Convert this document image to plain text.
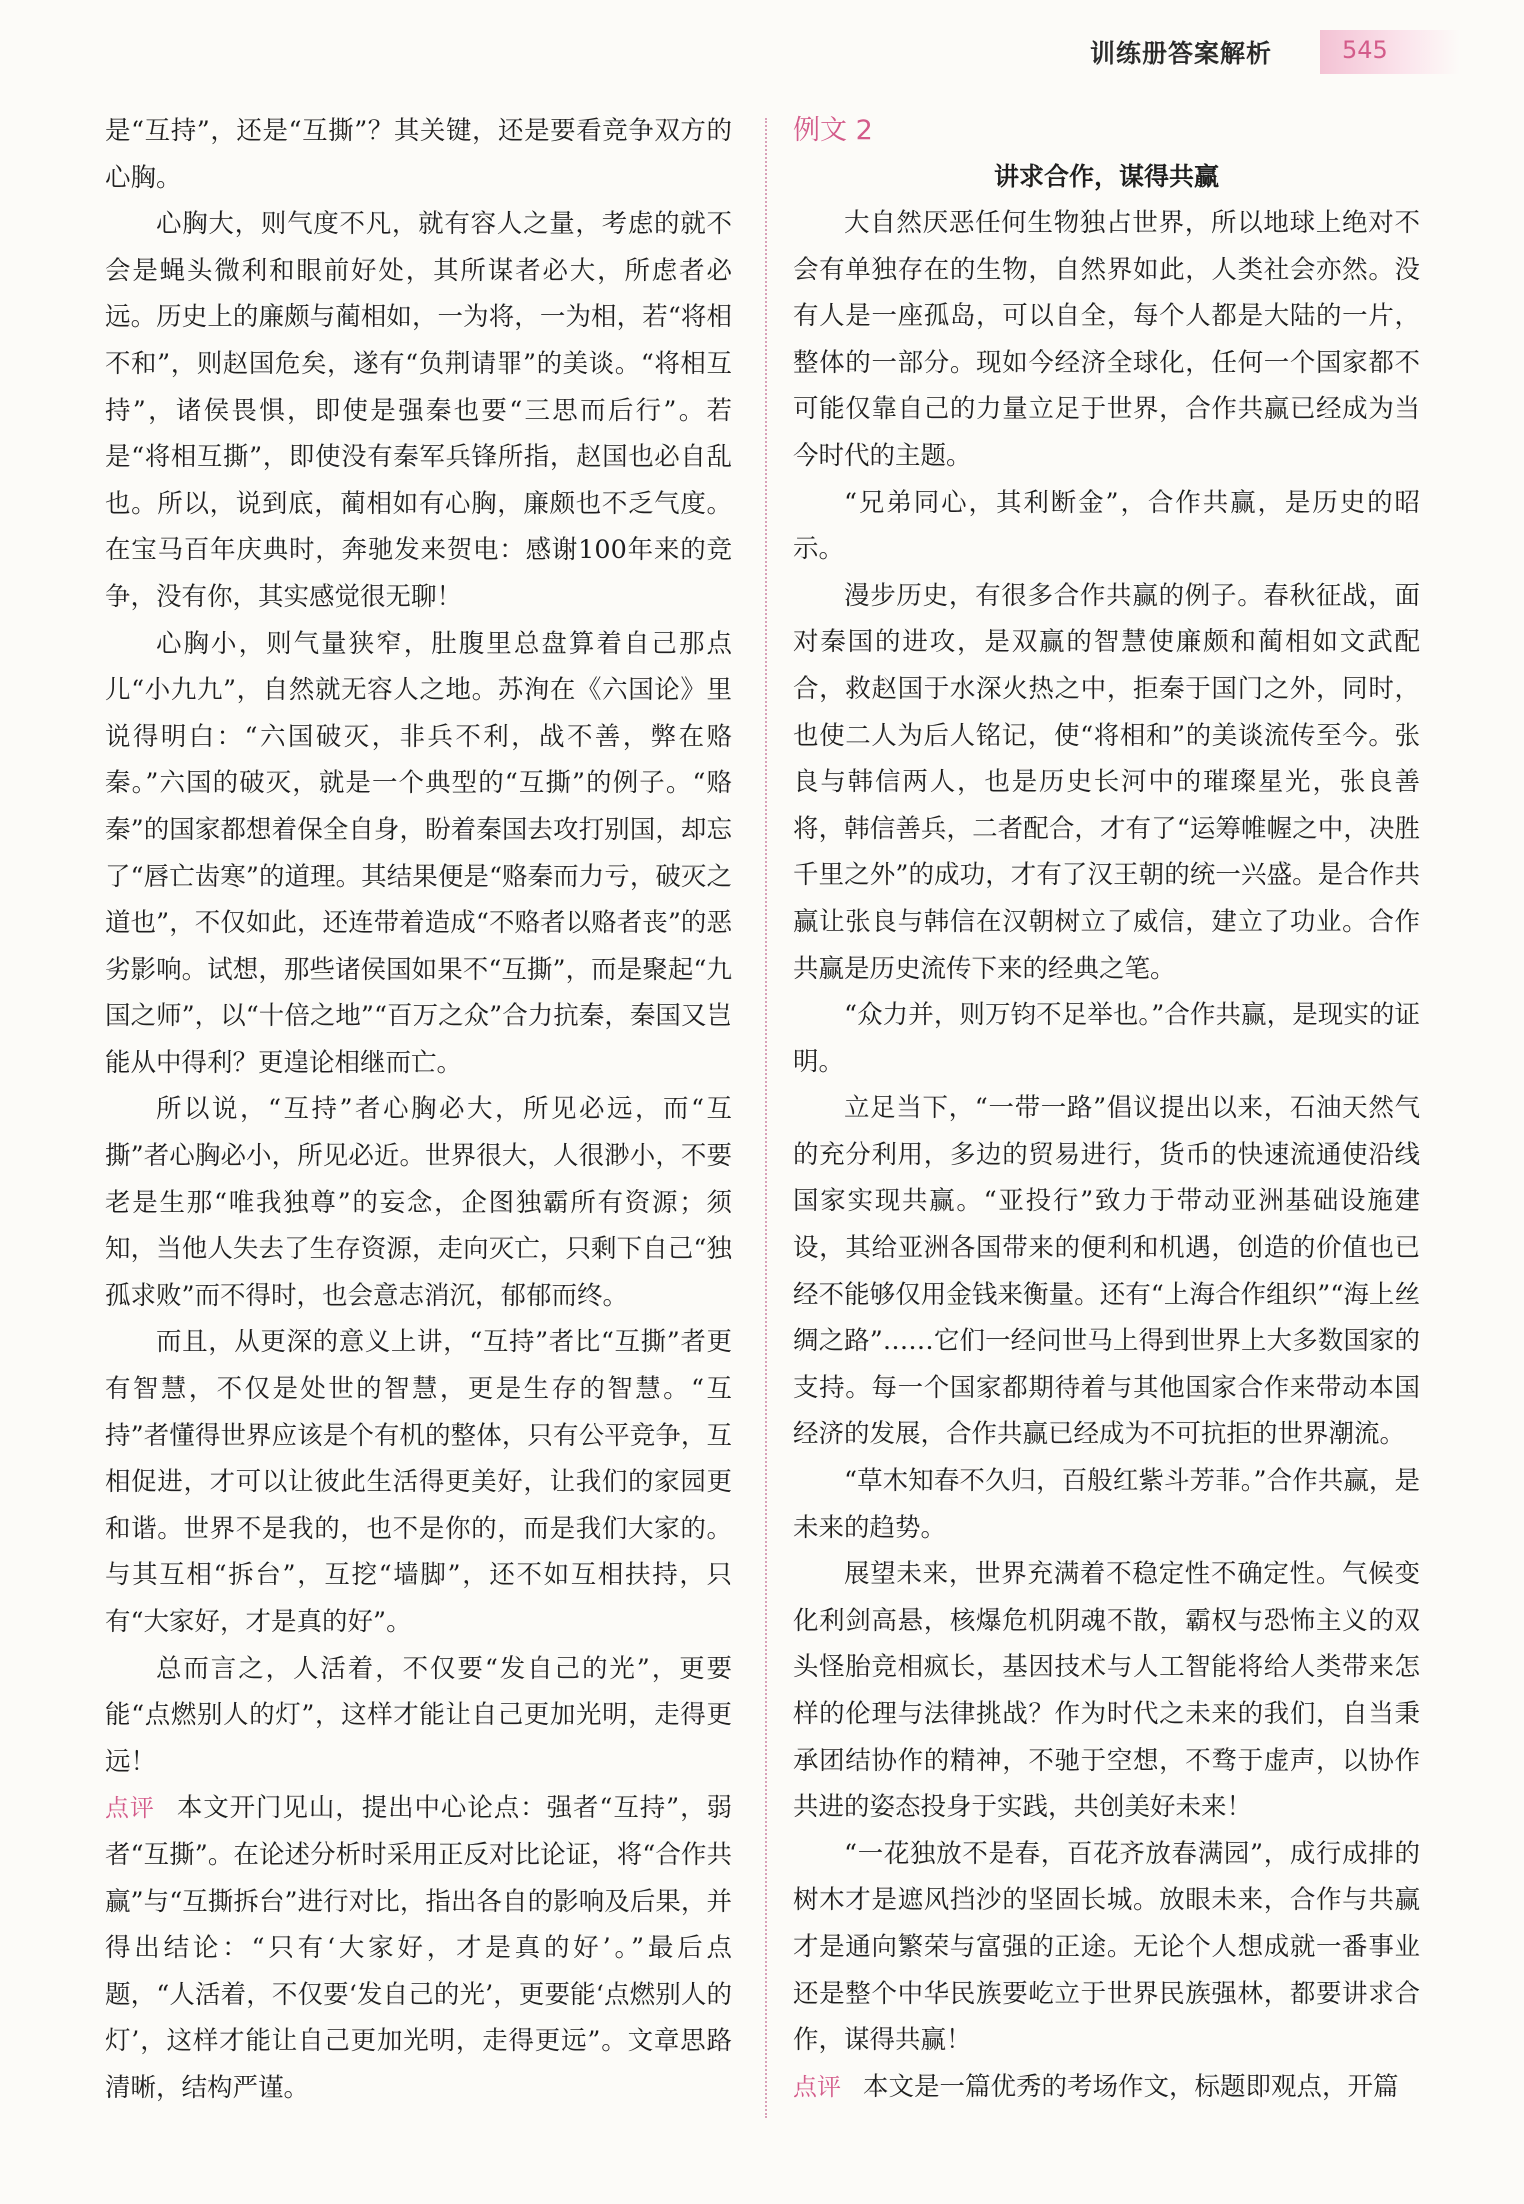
训练册答案解析	545

是“互持”，还是“互撕”？其关键，还是要看竞争双方的心胸。

心胸大，则气度不凡，就有容人之量，考虑的就不会是蝇头微利和眼前好处，其所谋者必大，所虑者必远。历史上的廉颇与蔺相如，一为将，一为相，若“将相不和”，则赵国危矣，遂有“负荆请罪”的美谈。“将相互持”，诸侯畏惧，即使是强秦也要“三思而后行”。若是“将相互撕”，即使没有秦军兵锋所指，赵国也必自乱也。所以，说到底，蔺相如有心胸，廉颇也不乏气度。在宝马百年庆典时，奔驰发来贺电：感谢100年来的竞争，没有你，其实感觉很无聊！

心胸小，则气量狭窄，肚腹里总盘算着自己那点儿“小九九”，自然就无容人之地。苏洵在《六国论》里说得明白：“六国破灭，非兵不利，战不善，弊在赂秦。”六国的破灭，就是一个典型的“互撕”的例子。“赂秦”的国家都想着保全自身，盼着秦国去攻打别国，却忘了“唇亡齿寒”的道理。其结果便是“赂秦而力亏，破灭之道也”，不仅如此，还连带着造成“不赂者以赂者丧”的恶劣影响。试想，那些诸侯国如果不“互撕”，而是聚起“九国之师”，以“十倍之地”“百万之众”合力抗秦，秦国又岂能从中得利？更遑论相继而亡。

所以说，“互持”者心胸必大，所见必远，而“互撕”者心胸必小，所见必近。世界很大，人很渺小，不要老是生那“唯我独尊”的妄念，企图独霸所有资源；须知，当他人失去了生存资源，走向灭亡，只剩下自己“独孤求败”而不得时，也会意志消沉，郁郁而终。

而且，从更深的意义上讲，“互持”者比“互撕”者更有智慧，不仅是处世的智慧，更是生存的智慧。“互持”者懂得世界应该是个有机的整体，只有公平竞争，互相促进，才可以让彼此生活得更美好，让我们的家园更和谐。世界不是我的，也不是你的，而是我们大家的。与其互相“拆台”，互挖“墙脚”，还不如互相扶持，只有“大家好，才是真的好”。

总而言之，人活着，不仅要“发自己的光”，更要能“点燃别人的灯”，这样才能让自己更加光明，走得更远！

点评 本文开门见山，提出中心论点：强者“互持”，弱者“互撕”。在论述分析时采用正反对比论证，将“合作共赢”与“互撕拆台”进行对比，指出各自的影响及后果，并得出结论：“只有‘大家好，才是真的好’。”最后点题，“人活着，不仅要‘发自己的光’，更要能‘点燃别人的灯’，这样才能让自己更加光明，走得更远”。文章思路清晰，结构严谨。

例文 2

讲求合作，谋得共赢

大自然厌恶任何生物独占世界，所以地球上绝对不会有单独存在的生物，自然界如此，人类社会亦然。没有人是一座孤岛，可以自全，每个人都是大陆的一片，整体的一部分。现如今经济全球化，任何一个国家都不可能仅靠自己的力量立足于世界，合作共赢已经成为当今时代的主题。

“兄弟同心，其利断金”，合作共赢，是历史的昭示。

漫步历史，有很多合作共赢的例子。春秋征战，面对秦国的进攻，是双赢的智慧使廉颇和蔺相如文武配合，救赵国于水深火热之中，拒秦于国门之外，同时，也使二人为后人铭记，使“将相和”的美谈流传至今。张良与韩信两人，也是历史长河中的璀璨星光，张良善将，韩信善兵，二者配合，才有了“运筹帷幄之中，决胜千里之外”的成功，才有了汉王朝的统一兴盛。是合作共赢让张良与韩信在汉朝树立了威信，建立了功业。合作共赢是历史流传下来的经典之笔。

“众力并，则万钧不足举也。”合作共赢，是现实的证明。

立足当下，“一带一路”倡议提出以来，石油天然气的充分利用，多边的贸易进行，货币的快速流通使沿线国家实现共赢。“亚投行”致力于带动亚洲基础设施建设，其给亚洲各国带来的便利和机遇，创造的价值也已经不能够仅用金钱来衡量。还有“上海合作组织”“海上丝绸之路”……它们一经问世马上得到世界上大多数国家的支持。每一个国家都期待着与其他国家合作来带动本国经济的发展，合作共赢已经成为不可抗拒的世界潮流。

“草木知春不久归，百般红紫斗芳菲。”合作共赢，是未来的趋势。

展望未来，世界充满着不稳定性不确定性。气候变化利剑高悬，核爆危机阴魂不散，霸权与恐怖主义的双头怪胎竞相疯长，基因技术与人工智能将给人类带来怎样的伦理与法律挑战？作为时代之未来的我们，自当秉承团结协作的精神，不驰于空想，不骛于虚声，以协作共进的姿态投身于实践，共创美好未来！

“一花独放不是春，百花齐放春满园”，成行成排的树木才是遮风挡沙的坚固长城。放眼未来，合作与共赢才是通向繁荣与富强的正途。无论个人想成就一番事业还是整个中华民族要屹立于世界民族强林，都要讲求合作，谋得共赢！

点评 本文是一篇优秀的考场作文，标题即观点，开篇
